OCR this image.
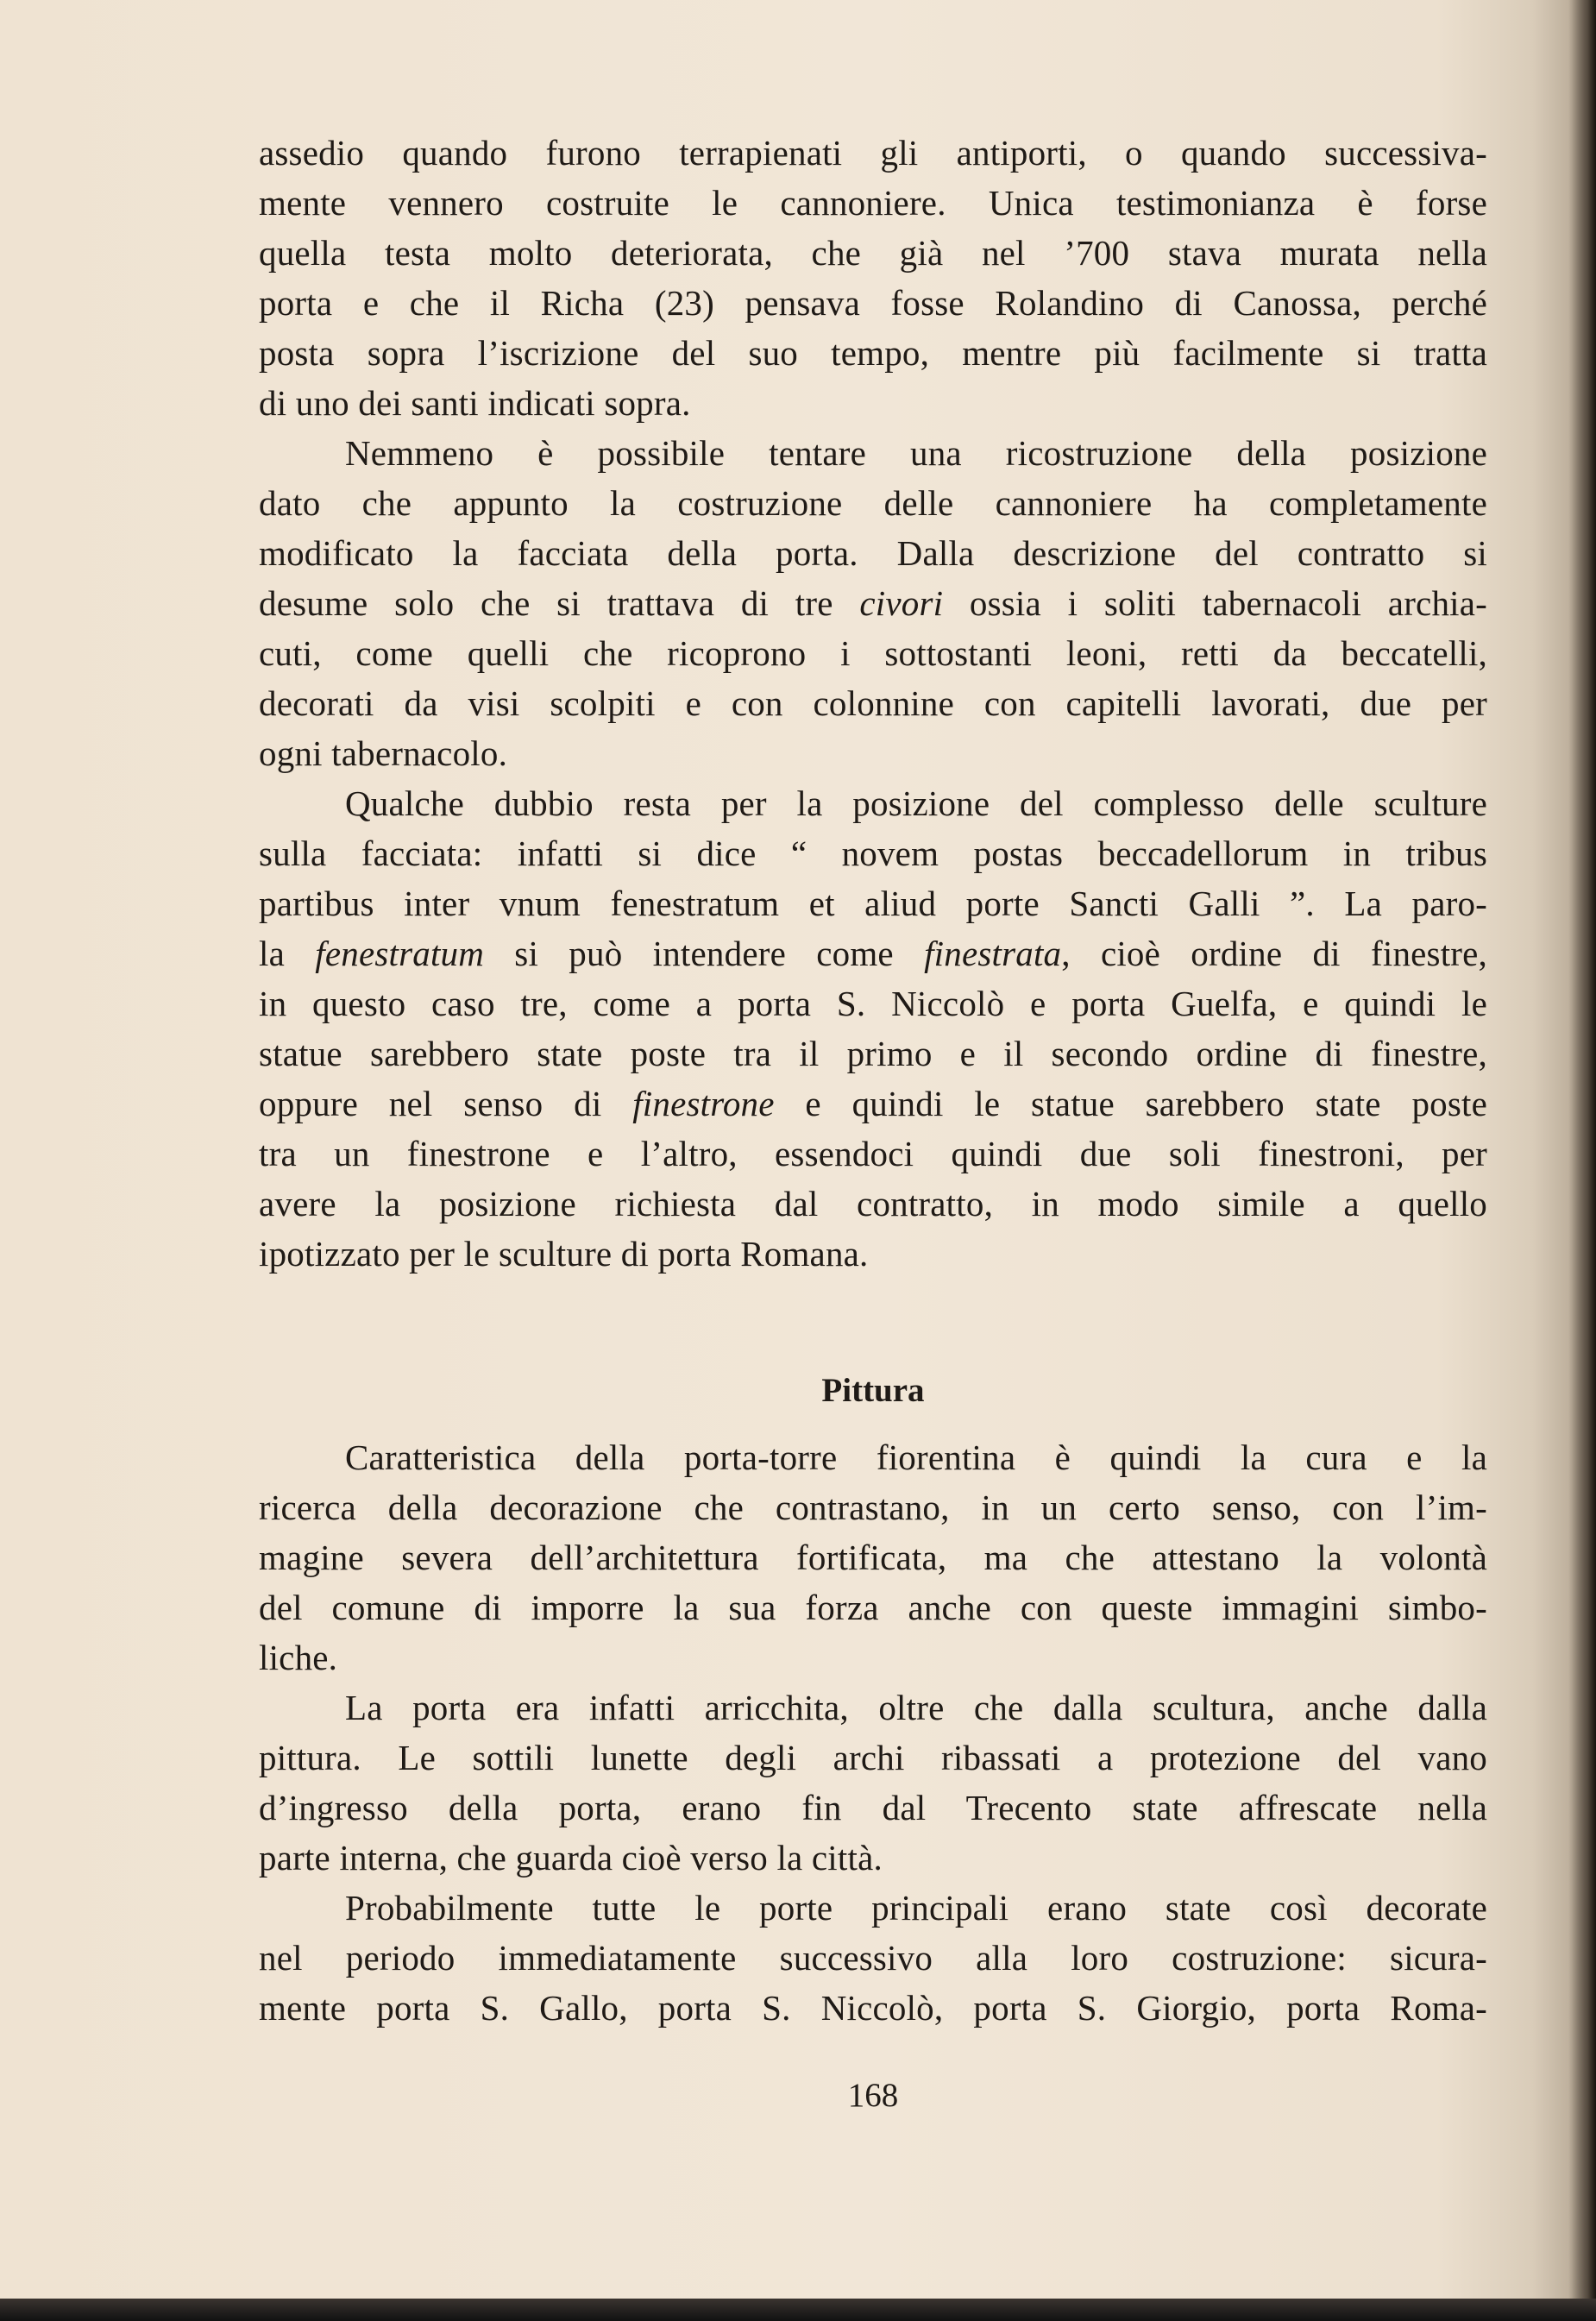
assedio quando furono terrapienati gli antiporti, o quando successiva-
mente vennero costruite le cannoniere. Unica testimonianza è forse
quella testa molto deteriorata, che già nel ’700 stava murata nella
porta e che il Richa (23) pensava fosse Rolandino di Canossa, perché
posta sopra l’iscrizione del suo tempo, mentre più facilmente si tratta
di uno dei santi indicati sopra.
Nemmeno è possibile tentare una ricostruzione della posizione
dato che appunto la costruzione delle cannoniere ha completamente
modificato la facciata della porta. Dalla descrizione del contratto si
desume solo che si trattava di tre civori ossia i soliti tabernacoli archia-
cuti, come quelli che ricoprono i sottostanti leoni, retti da beccatelli,
decorati da visi scolpiti e con colonnine con capitelli lavorati, due per
ogni tabernacolo.
Qualche dubbio resta per la posizione del complesso delle sculture
sulla facciata: infatti si dice “ novem postas beccadellorum in tribus
partibus inter vnum fenestratum et aliud porte Sancti Galli ”. La paro-
la fenestratum si può intendere come finestrata, cioè ordine di finestre,
in questo caso tre, come a porta S. Niccolò e porta Guelfa, e quindi le
statue sarebbero state poste tra il primo e il secondo ordine di finestre,
oppure nel senso di finestrone e quindi le statue sarebbero state poste
tra un finestrone e l’altro, essendoci quindi due soli finestroni, per
avere la posizione richiesta dal contratto, in modo simile a quello
ipotizzato per le sculture di porta Romana.
Pittura
Caratteristica della porta-torre fiorentina è quindi la cura e la
ricerca della decorazione che contrastano, in un certo senso, con l’im-
magine severa dell’architettura fortificata, ma che attestano la volontà
del comune di imporre la sua forza anche con queste immagini simbo-
liche.
La porta era infatti arricchita, oltre che dalla scultura, anche dalla
pittura. Le sottili lunette degli archi ribassati a protezione del vano
d’ingresso della porta, erano fin dal Trecento state affrescate nella
parte interna, che guarda cioè verso la città.
Probabilmente tutte le porte principali erano state così decorate
nel periodo immediatamente successivo alla loro costruzione: sicura-
mente porta S. Gallo, porta S. Niccolò, porta S. Giorgio, porta Roma-
168
